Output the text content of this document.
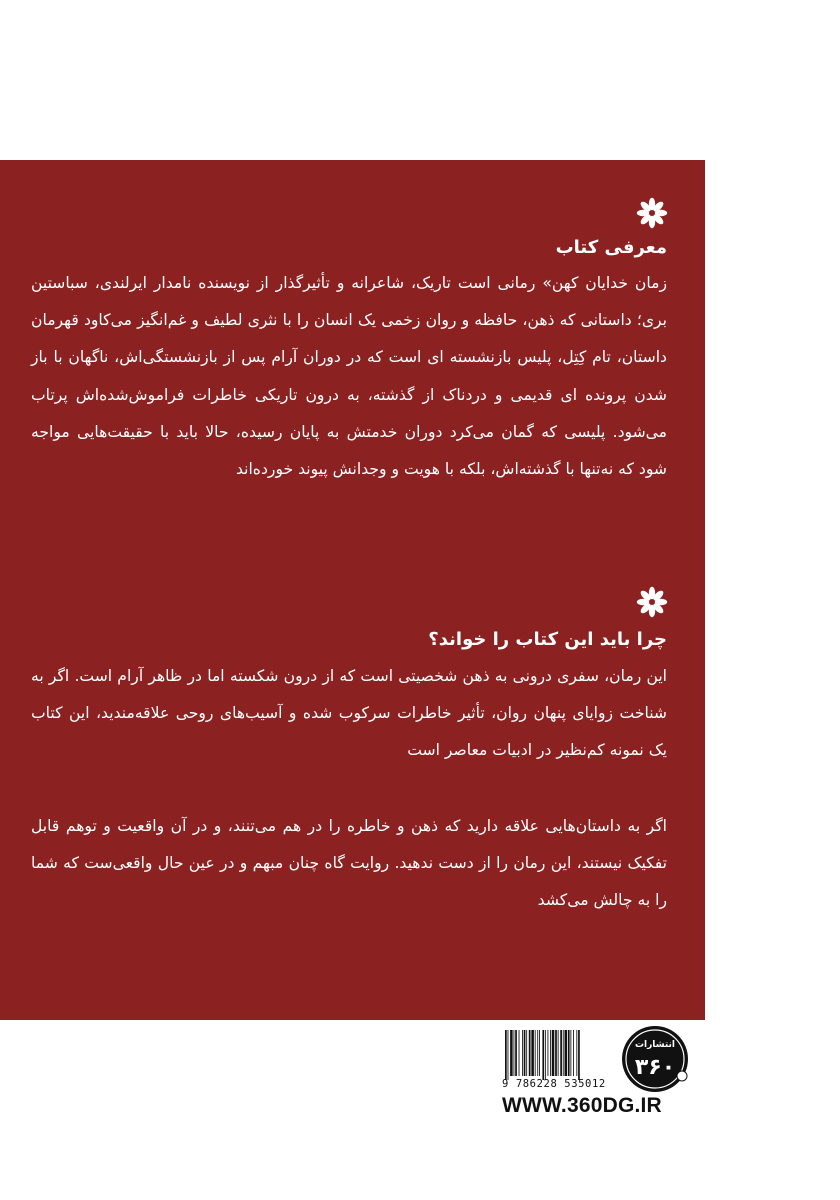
معرفی کتاب

زمان خدایان کهن» رمانی است تاریک، شاعرانه و تأثیرگذار از نویسنده نامدار ایرلندی، سباستین بری؛ داستانی که ذهن، حافظه و روان زخمی یک انسان را با نثری لطیف و غم‌انگیز می‌کاود قهرمان داستان، تام کِتِل، پلیس بازنشسته ای است که در دوران آرام پس از بازنشستگی‌اش، ناگهان با باز شدن پرونده ای قدیمی و دردناک از گذشته، به درون تاریکی خاطرات فراموش‌شده‌اش پرتاب می‌شود. پلیسی که گمان می‌کرد دوران خدمتش به پایان رسیده، حالا باید با حقیقت‌هایی مواجه شود که نه‌تنها با گذشته‌اش، بلکه با هویت و وجدانش پیوند خورده‌اند

چرا باید این کتاب را خواند؟

این رمان، سفری درونی به ذهن شخصیتی است که از درون شکسته اما در ظاهر آرام است. اگر به شناخت زوایای پنهان روان، تأثیر خاطرات سرکوب شده و آسیب‌های روحی علاقه‌مندید، این کتاب یک نمونه کم‌نظیر در ادبیات معاصر است

اگر به داستان‌هایی علاقه دارید که ذهن و خاطره را در هم می‌تنند، و در آن واقعیت و توهم قابل تفکیک نیستند، این رمان را از دست ندهید. روایت گاه چنان مبهم و در عین حال واقعی‌ست که شما را به چالش می‌کشد

9 786228 535012
انتشارات
۳۶۰
WWW.360DG.IR
